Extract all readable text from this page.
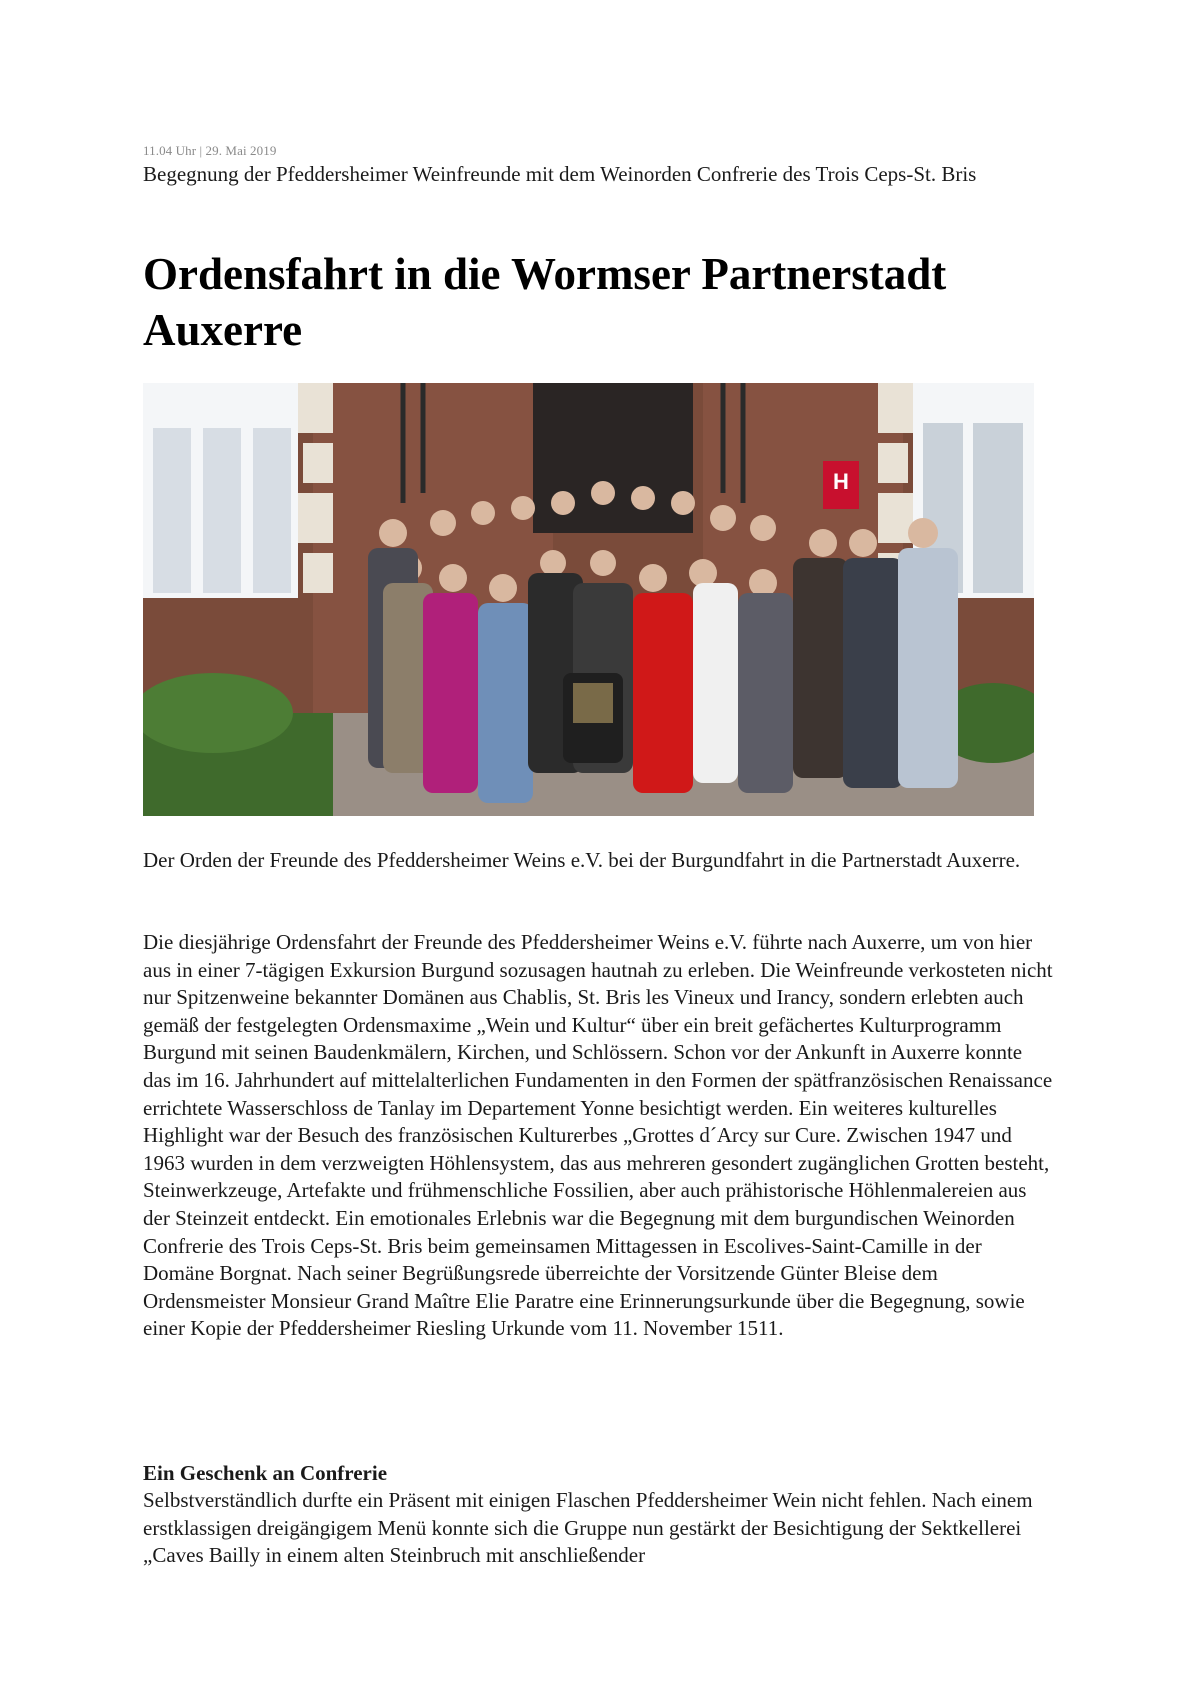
11.04 Uhr | 29. Mai 2019
Begegnung der Pfeddersheimer Weinfreunde mit dem Weinorden Confrerie des Trois Ceps-St. Bris
Ordensfahrt in die Wormser Partnerstadt Auxerre
H
Der Orden der Freunde des Pfeddersheimer Weins e.V. bei der Burgundfahrt in die Partnerstadt Auxerre.
Die diesjährige Ordensfahrt der Freunde des Pfeddersheimer Weins e.V. führte nach Auxerre, um von hier aus in einer 7-tägigen Exkursion Burgund sozusagen hautnah zu erleben. Die Weinfreunde verkosteten nicht nur Spitzenweine bekannter Domänen aus Chablis, St. Bris les Vineux und Irancy, sondern erlebten auch gemäß der festgelegten Ordensmaxime „Wein und Kultur“ über ein breit gefächertes Kulturprogramm Burgund mit seinen Baudenkmälern, Kirchen, und Schlössern. Schon vor der Ankunft in Auxerre konnte das im 16. Jahrhundert auf mittelalterlichen Fundamenten in den Formen der spätfranzösischen Renaissance errichtete Wasserschloss de Tanlay im Departement Yonne besichtigt werden. Ein weiteres kulturelles Highlight war der Besuch des französischen Kulturerbes „Grottes d´Arcy sur Cure. Zwischen 1947 und 1963 wurden in dem verzweigten Höhlensystem, das aus mehreren gesondert zugänglichen Grotten besteht, Steinwerkzeuge, Artefakte und frühmenschliche Fossilien, aber auch prähistorische Höhlenmalereien aus der Steinzeit entdeckt. Ein emotionales Erlebnis war die Begegnung mit dem burgundischen Weinorden Confrerie des Trois Ceps-St. Bris beim gemeinsamen Mittagessen in Escolives-Saint-Camille in der Domäne Borgnat. Nach seiner Begrüßungsrede überreichte der Vorsitzende Günter Bleise dem Ordensmeister Monsieur Grand Maître Elie Paratre eine Erinnerungsurkunde über die Begegnung, sowie einer Kopie der Pfeddersheimer Riesling Urkunde vom 11. November 1511.
Ein Geschenk an Confrerie
Selbstverständlich durfte ein Präsent mit einigen Flaschen Pfeddersheimer Wein nicht fehlen. Nach einem erstklassigen dreigängigem Menü konnte sich die Gruppe nun gestärkt der Besichtigung der Sektkellerei „Caves Bailly in einem alten Steinbruch mit anschließender
